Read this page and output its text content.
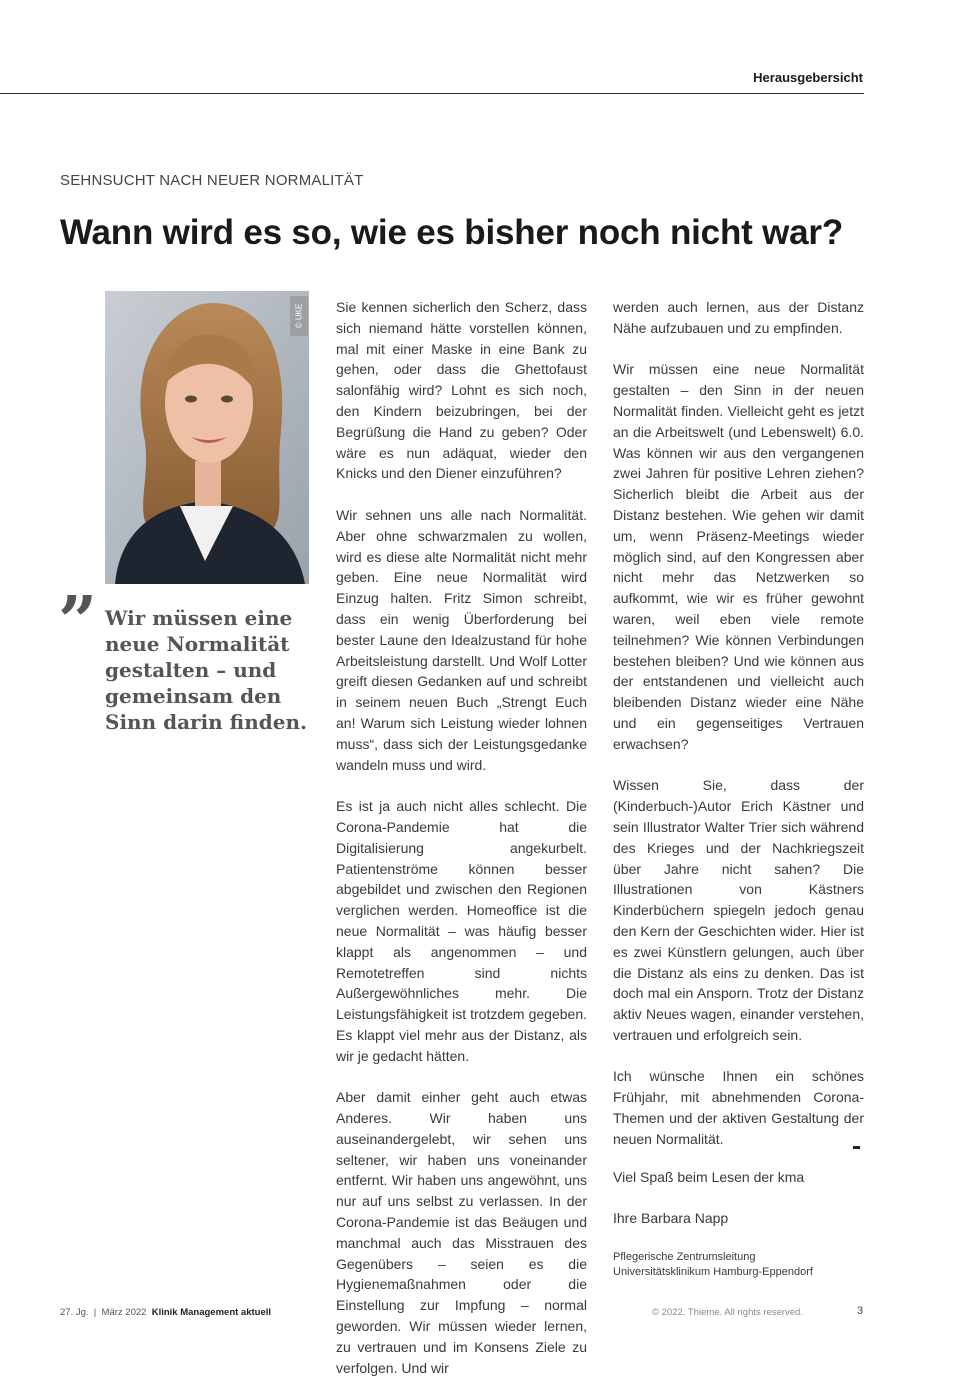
Herausgebersicht
SEHNSUCHT NACH NEUER NORMALITÄT
Wann wird es so, wie es bisher noch nicht war?
© UKE
” Wir müssen eine neue Normalität gestalten – und gemeinsam den Sinn darin finden.

Sie kennen sicherlich den Scherz, dass sich niemand hätte vorstellen können, mal mit einer Maske in eine Bank zu gehen, oder dass die Ghettofaust salonfähig wird? Lohnt es sich noch, den Kindern beizubringen, bei der Begrüßung die Hand zu geben? Oder wäre es nun adäquat, wieder den Knicks und den Diener einzuführen?

Wir sehnen uns alle nach Normalität. Aber ohne schwarzmalen zu wollen, wird es diese alte Normalität nicht mehr geben. Eine neue Normalität wird Einzug halten. Fritz Simon schreibt, dass ein wenig Überforderung bei bester Laune den Idealzustand für hohe Arbeitsleistung darstellt. Und Wolf Lotter greift diesen Gedanken auf und schreibt in seinem neuen Buch „Strengt Euch an! Warum sich Leistung wieder lohnen muss“, dass sich der Leistungsgedanke wandeln muss und wird.

Es ist ja auch nicht alles schlecht. Die Corona-Pandemie hat die Digitalisierung angekurbelt. Patientenströme können besser abgebildet und zwischen den Regionen verglichen werden. Homeoffice ist die neue Normalität – was häufig besser klappt als angenommen – und Remotetreffen sind nichts Außergewöhnliches mehr. Die Leistungsfähigkeit ist trotzdem gegeben. Es klappt viel mehr aus der Distanz, als wir je gedacht hätten.

Aber damit einher geht auch etwas Anderes. Wir haben uns auseinandergelebt, wir sehen uns seltener, wir haben uns voneinander entfernt. Wir haben uns angewöhnt, uns nur auf uns selbst zu verlassen. In der Corona-Pandemie ist das Beäugen und manchmal auch das Misstrauen des Gegenübers – seien es die Hygienemaßnahmen oder die Einstellung zur Impfung – normal geworden. Wir müssen wieder lernen, zu vertrauen und im Konsens Ziele zu verfolgen. Und wir

werden auch lernen, aus der Distanz Nähe aufzubauen und zu empfinden.

Wir müssen eine neue Normalität gestalten – den Sinn in der neuen Normalität finden. Vielleicht geht es jetzt an die Arbeitswelt (und Lebenswelt) 6.0. Was können wir aus den vergangenen zwei Jahren für positive Lehren ziehen? Sicherlich bleibt die Arbeit aus der Distanz bestehen. Wie gehen wir damit um, wenn Präsenz-Meetings wieder möglich sind, auf den Kongressen aber nicht mehr das Netzwerken so aufkommt, wie wir es früher gewohnt waren, weil eben viele remote teilnehmen? Wie können Verbindungen bestehen bleiben? Und wie können aus der entstandenen und vielleicht auch bleibenden Distanz wieder eine Nähe und ein gegenseitiges Vertrauen erwachsen?

Wissen Sie, dass der (Kinderbuch-)Autor Erich Kästner und sein Illustrator Walter Trier sich während des Krieges und der Nachkriegszeit über Jahre nicht sahen? Die Illustrationen von Kästners Kinderbüchern spiegeln jedoch genau den Kern der Geschichten wider. Hier ist es zwei Künstlern gelungen, auch über die Distanz als eins zu denken. Das ist doch mal ein Ansporn. Trotz der Distanz aktiv Neues wagen, einander verstehen, vertrauen und erfolgreich sein.

Ich wünsche Ihnen ein schönes Frühjahr, mit abnehmenden Corona-Themen und der aktiven Gestaltung der neuen Normalität.

Viel Spaß beim Lesen der kma

Ihre Barbara Napp

Pflegerische Zentrumsleitung
Universitätsklinikum Hamburg-Eppendorf

27. Jg.  |  März 2022 Klinik Management aktuell	© 2022. Thieme. All rights reserved.	3
